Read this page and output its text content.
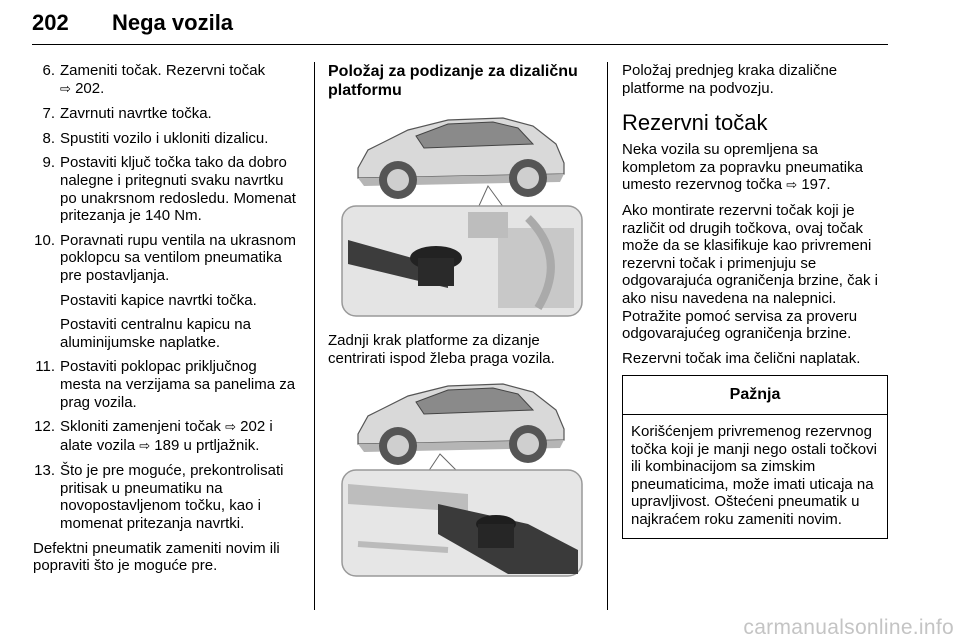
202 Nega vozila
6. Zameniti točak. Rezervni točak
⇨ 202.
7. Zavrnuti navrtke točka.
8. Spustiti vozilo i ukloniti dizalicu.
9. Postaviti ključ točka tako da dobro nalegne i pritegnuti svaku navrtku po unakrsnom redosledu. Momenat pritezanja je 140 Nm.
10. Poravnati rupu ventila na ukrasnom poklopcu sa ventilom pneumatika pre postavljanja.
Postaviti kapice navrtki točka.
Postaviti centralnu kapicu na aluminijumske naplatke.
11. Postaviti poklopac priključnog mesta na verzijama sa panelima za prag vozila.
12. Skloniti zamenjeni točak ⇨ 202 i alate vozila ⇨ 189 u prtljažnik.
13. Što je pre moguće, prekontrolisati pritisak u pneumatiku na novopostavljenom točku, kao i momenat pritezanja navrtki.

Defektni pneumatik zameniti novim ili popraviti što je moguće pre.

Položaj za podizanje za dizaličnu platformu

Zadnji krak platforme za dizanje centrirati ispod žleba praga vozila.

Položaj prednjeg kraka dizalične platforme na podvozju.

Rezervni točak

Neka vozila su opremljena sa kompletom za popravku pneumatika umesto rezervnog točka ⇨ 197.

Ako montirate rezervni točak koji je različit od drugih točkova, ovaj točak može da se klasifikuje kao privremeni rezervni točak i primenjuju se odgovarajuća ograničenja brzine, čak i ako nisu navedena na nalepnici. Potražite pomoć servisa za proveru odgovarajućeg ograničenja brzine.

Rezervni točak ima čelični naplatak.

Pažnja
Korišćenjem privremenog rezervnog točka koji je manji nego ostali točkovi ili kombinacijom sa zimskim pneumaticima, može imati uticaja na upravljivost. Oštećeni pneumatik u najkraćem roku zameniti novim.
carmanualsonline.info
